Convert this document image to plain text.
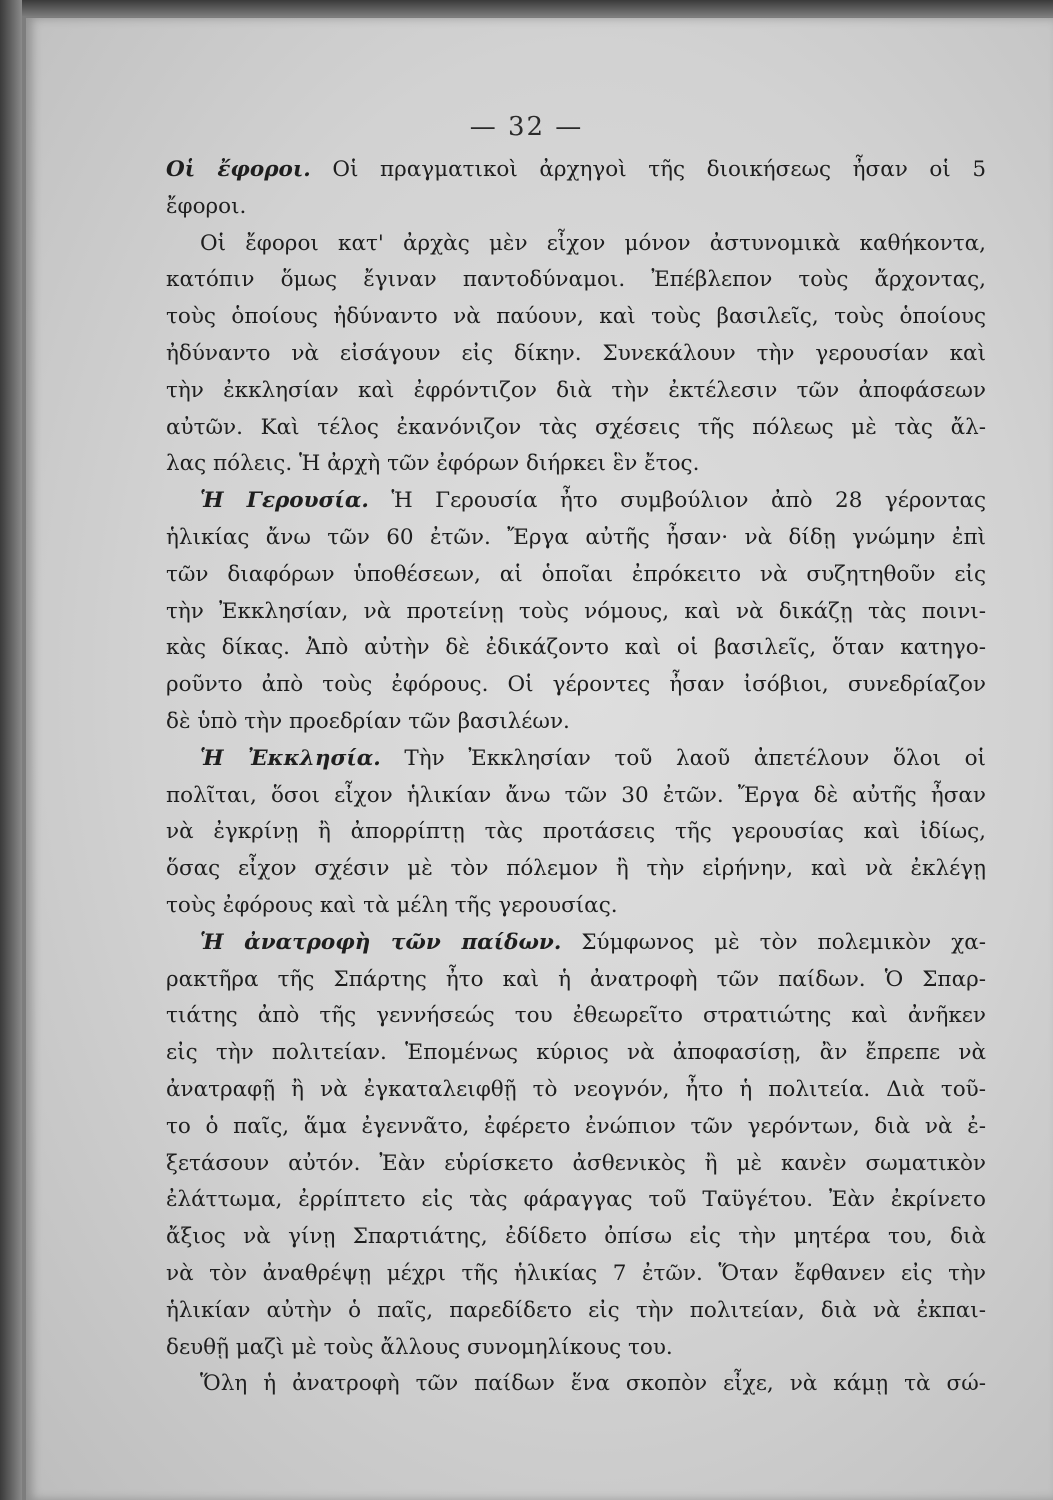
— 32 —
Οἱ ἔφοροι. Οἱ πραγματικοὶ ἀρχηγοὶ τῆς διοικήσεως ἦσαν οἱ 5
ἔφοροι.
Οἱ ἔφοροι κατ' ἀρχὰς μὲν εἶχον μόνον ἀστυνομικὰ καθήκοντα,
κατόπιν ὅμως ἔγιναν παντοδύναμοι. Ἐπέβλεπον τοὺς ἄρχοντας,
τοὺς ὁποίους ἠδύναντο νὰ παύουν, καὶ τοὺς βασιλεῖς, τοὺς ὁποίους
ἠδύναντο νὰ εἰσάγουν εἰς δίκην. Συνεκάλουν τὴν γερουσίαν καὶ
τὴν ἐκκλησίαν καὶ ἐφρόντιζον διὰ τὴν ἐκτέλεσιν τῶν ἀποφάσεων
αὐτῶν. Καὶ τέλος ἐκανόνιζον τὰς σχέσεις τῆς πόλεως μὲ τὰς ἄλ-
λας πόλεις. Ἡ ἀρχὴ τῶν ἐφόρων διήρκει ἓν ἔτος.
Ἡ Γερουσία. Ἡ Γερουσία ἦτο συμβούλιον ἀπὸ 28 γέροντας
ἡλικίας ἄνω τῶν 60 ἐτῶν. Ἔργα αὐτῆς ἦσαν· νὰ δίδῃ γνώμην ἐπὶ
τῶν διαφόρων ὑποθέσεων, αἱ ὁποῖαι ἐπρόκειτο νὰ συζητηθοῦν εἰς
τὴν Ἐκκλησίαν, νὰ προτείνῃ τοὺς νόμους, καὶ νὰ δικάζῃ τὰς ποινι-
κὰς δίκας. Ἀπὸ αὐτὴν δὲ ἐδικάζοντο καὶ οἱ βασιλεῖς, ὅταν κατηγο-
ροῦντο ἀπὸ τοὺς ἐφόρους. Οἱ γέροντες ἦσαν ἰσόβιοι, συνεδρίαζον
δὲ ὑπὸ τὴν προεδρίαν τῶν βασιλέων.
Ἡ Ἐκκλησία. Τὴν Ἐκκλησίαν τοῦ λαοῦ ἀπετέλουν ὅλοι οἱ
πολῖται, ὅσοι εἶχον ἡλικίαν ἄνω τῶν 30 ἐτῶν. Ἔργα δὲ αὐτῆς ἦσαν
νὰ ἐγκρίνῃ ἢ ἀπορρίπτῃ τὰς προτάσεις τῆς γερουσίας καὶ ἰδίως,
ὅσας εἶχον σχέσιν μὲ τὸν πόλεμον ἢ τὴν εἰρήνην, καὶ νὰ ἐκλέγῃ
τοὺς ἐφόρους καὶ τὰ μέλη τῆς γερουσίας.
Ἡ ἀνατροφὴ τῶν παίδων. Σύμφωνος μὲ τὸν πολεμικὸν χα-
ρακτῆρα τῆς Σπάρτης ἦτο καὶ ἡ ἀνατροφὴ τῶν παίδων. Ὁ Σπαρ-
τιάτης ἀπὸ τῆς γεννήσεώς του ἐθεωρεῖτο στρατιώτης καὶ ἀνῆκεν
εἰς τὴν πολιτείαν. Ἑπομένως κύριος νὰ ἀποφασίσῃ, ἂν ἔπρεπε νὰ
ἀνατραφῇ ἢ νὰ ἐγκαταλειφθῇ τὸ νεογνόν, ἦτο ἡ πολιτεία. Διὰ τοῦ-
το ὁ παῖς, ἅμα ἐγεννᾶτο, ἐφέρετο ἐνώπιον τῶν γερόντων, διὰ νὰ ἐ-
ξετάσουν αὐτόν. Ἐὰν εὑρίσκετο ἀσθενικὸς ἢ μὲ κανὲν σωματικὸν
ἐλάττωμα, ἐρρίπτετο εἰς τὰς φάραγγας τοῦ Ταϋγέτου. Ἐὰν ἐκρίνετο
ἄξιος νὰ γίνῃ Σπαρτιάτης, ἐδίδετο ὀπίσω εἰς τὴν μητέρα του, διὰ
νὰ τὸν ἀναθρέψῃ μέχρι τῆς ἡλικίας 7 ἐτῶν. Ὅταν ἔφθανεν εἰς τὴν
ἡλικίαν αὐτὴν ὁ παῖς, παρεδίδετο εἰς τὴν πολιτείαν, διὰ νὰ ἐκπαι-
δευθῇ μαζὶ μὲ τοὺς ἄλλους συνομηλίκους του.
Ὅλη ἡ ἀνατροφὴ τῶν παίδων ἕνα σκοπὸν εἶχε, νὰ κάμῃ τὰ σώ-
